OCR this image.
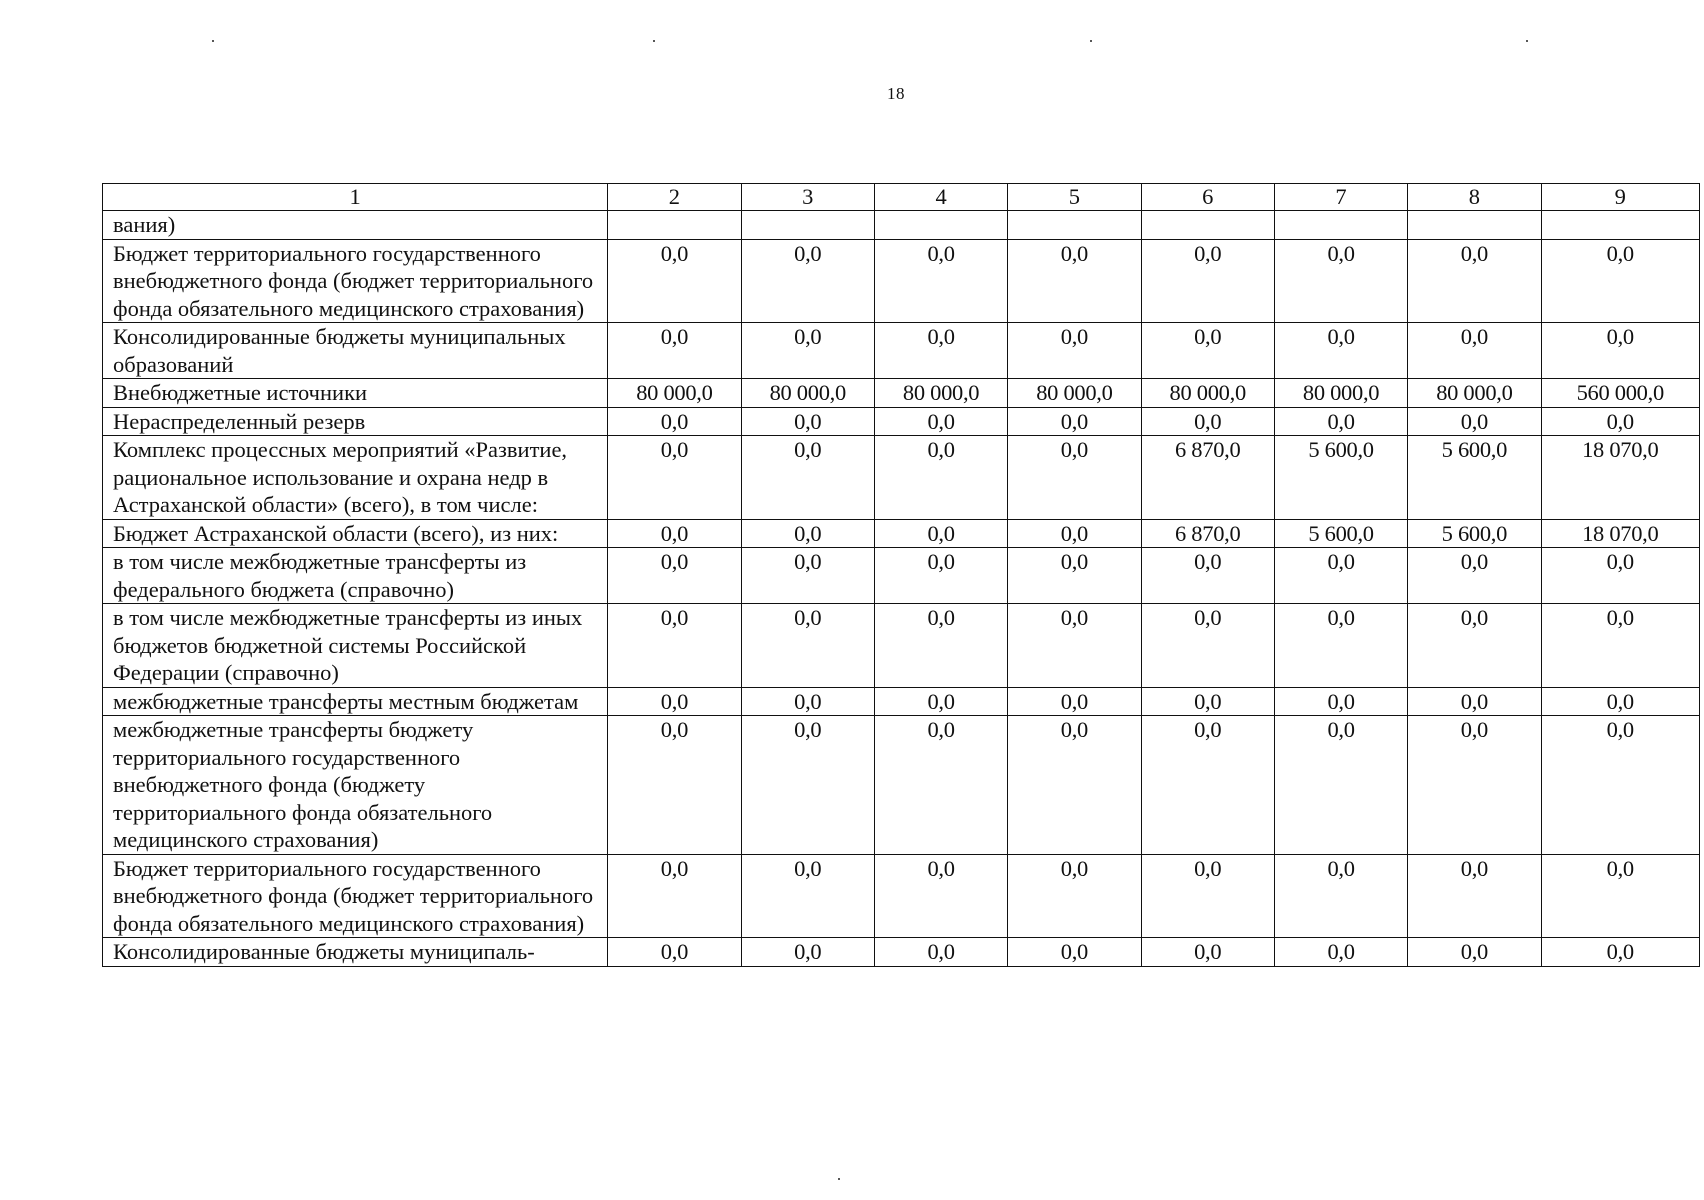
18
1	2	3	4	5	6	7	8	9
вания)								
Бюджет территориального государственного внебюджетного фонда (бюджет территориального фонда обязательного медицинского страхования)	0,0	0,0	0,0	0,0	0,0	0,0	0,0	0,0
Консолидированные бюджеты муниципальных образований	0,0	0,0	0,0	0,0	0,0	0,0	0,0	0,0
Внебюджетные источники	80 000,0	80 000,0	80 000,0	80 000,0	80 000,0	80 000,0	80 000,0	560 000,0
Нераспределенный резерв	0,0	0,0	0,0	0,0	0,0	0,0	0,0	0,0
Комплекс процессных мероприятий «Развитие, рациональное использование и охрана недр в Астраханской области» (всего), в том числе:	0,0	0,0	0,0	0,0	6 870,0	5 600,0	5 600,0	18 070,0
Бюджет Астраханской области (всего), из них:	0,0	0,0	0,0	0,0	6 870,0	5 600,0	5 600,0	18 070,0
в том числе межбюджетные трансферты из федерального бюджета (справочно)	0,0	0,0	0,0	0,0	0,0	0,0	0,0	0,0
в том числе межбюджетные трансферты из иных бюджетов бюджетной системы Российской Федерации (справочно)	0,0	0,0	0,0	0,0	0,0	0,0	0,0	0,0
межбюджетные трансферты местным бюджетам	0,0	0,0	0,0	0,0	0,0	0,0	0,0	0,0
межбюджетные трансферты бюджету территориального государственного внебюджетного фонда (бюджету территориального фонда обязательного медицинского страхования)	0,0	0,0	0,0	0,0	0,0	0,0	0,0	0,0
Бюджет территориального государственного внебюджетного фонда (бюджет территориального фонда обязательного медицинского страхования)	0,0	0,0	0,0	0,0	0,0	0,0	0,0	0,0
Консолидированные бюджеты муниципаль-	0,0	0,0	0,0	0,0	0,0	0,0	0,0	0,0
